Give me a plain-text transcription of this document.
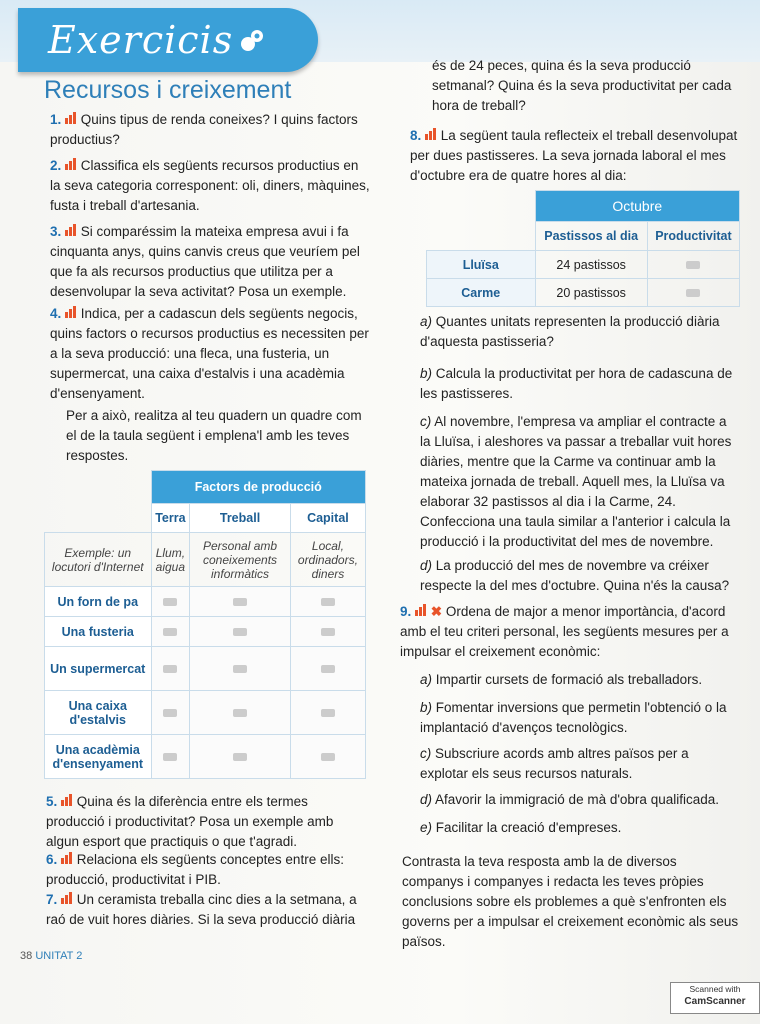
Exercicis
Recursos i creixement
1. Quins tipus de renda coneixes? I quins factors productius?
2. Classifica els següents recursos productius en la seva categoria corresponent: oli, diners, màquines, fusta i treball d'artesania.
3. Si comparéssim la mateixa empresa avui i fa cinquanta anys, quins canvis creus que veuríem pel que fa als recursos productius que utilitza per a desenvolupar la seva activitat? Posa un exemple.
4. Indica, per a cadascun dels següents negocis, quins factors o recursos productius es necessiten per a la seva producció: una fleca, una fusteria, un supermercat, una caixa d'estalvis i una acadèmia d'ensenyament.
Per a això, realitza al teu quadern un quadre com el de la taula següent i emplena'l amb les teves respostes.
	Factors de producció		
	Terra	Treball	Capital
Exemple: un locutori d'Internet	Llum, aigua	Personal amb coneixements informàtics	Local, ordinadors, diners
Un forn de pa			
Una fusteria			
Un supermercat			
Una caixa d'estalvis			
Una acadèmia d'ensenyament			
5. Quina és la diferència entre els termes producció i productivitat? Posa un exemple amb algun esport que practiquis o que t'agradi.
6. Relaciona els següents conceptes entre ells: producció, productivitat i PIB.
7. Un ceramista treballa cinc dies a la setmana, a raó de vuit hores diàries. Si la seva producció diària
és de 24 peces, quina és la seva producció setmanal? Quina és la seva productivitat per cada hora de treball?
8. La següent taula reflecteix el treball desenvolupat per dues pastisseres. La seva jornada laboral el mes d'octubre era de quatre hores al dia:
	Octubre	
	Pastissos al dia	Productivitat
Lluïsa	24 pastissos	
Carme	20 pastissos	
a) Quantes unitats representen la producció diària d'aquesta pastisseria?
b) Calcula la productivitat per hora de cadascuna de les pastisseres.
c) Al novembre, l'empresa va ampliar el contracte a la Lluïsa, i aleshores va passar a treballar vuit hores diàries, mentre que la Carme va continuar amb la mateixa jornada de treball. Aquell mes, la Lluïsa va elaborar 32 pastissos al dia i la Carme, 24. Confecciona una taula similar a l'anterior i calcula la producció i la productivitat del mes de novembre.
d) La producció del mes de novembre va créixer respecte la del mes d'octubre. Quina n'és la causa?
9. ✖ Ordena de major a menor importància, d'acord amb el teu criteri personal, les següents mesures per a impulsar el creixement econòmic:
a) Impartir cursets de formació als treballadors.
b) Fomentar inversions que permetin l'obtenció o la implantació d'avenços tecnològics.
c) Subscriure acords amb altres països per a explotar els seus recursos naturals.
d) Afavorir la immigració de mà d'obra qualificada.
e) Facilitar la creació d'empreses.
Contrasta la teva resposta amb la de diversos companys i companyes i redacta les teves pròpies conclusions sobre els problemes a què s'enfronten els governs per a impulsar el creixement econòmic als seus països.
38 UNITAT 2
Scanned with
CamScanner
